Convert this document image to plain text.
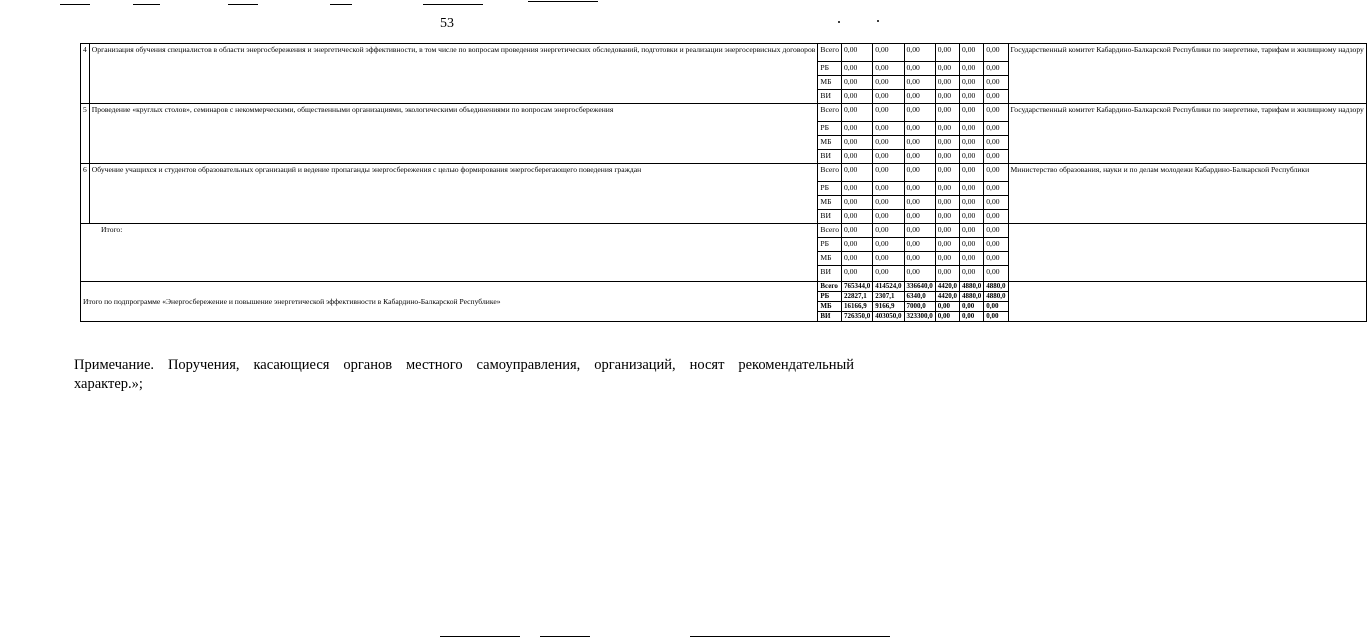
53
4	Организация обучения специалистов в области энергосбережения и энергетической эффективности, в том числе по вопросам проведения энергетических обследований, подготовки и реализации энергосервисных договоров	Всего	0,00	0,00	0,00	0,00	0,00	0,00	Государственный комитет Кабардино-Балкарской Республики по энергетике, тарифам и жилищному надзору
		РБ	0,00	0,00	0,00	0,00	0,00	0,00	
		МБ	0,00	0,00	0,00	0,00	0,00	0,00	
		ВИ	0,00	0,00	0,00	0,00	0,00	0,00	
5	Проведение «круглых столов», семинаров с некоммерческими, общественными организациями, экологическими объединениями по вопросам энергосбережения	Всего	0,00	0,00	0,00	0,00	0,00	0,00	Государственный комитет Кабардино-Балкарской Республики по энергетике, тарифам и жилищному надзору
		РБ	0,00	0,00	0,00	0,00	0,00	0,00	
		МБ	0,00	0,00	0,00	0,00	0,00	0,00	
		ВИ	0,00	0,00	0,00	0,00	0,00	0,00	
6	Обучение учащихся и студентов образовательных организаций и ведение пропаганды энергосбережения с целью формирования энергосберегающего поведения граждан	Всего	0,00	0,00	0,00	0,00	0,00	0,00	Министерство образования, науки и по делам молодежи Кабардино-Балкарской Республики
		РБ	0,00	0,00	0,00	0,00	0,00	0,00	
		МБ	0,00	0,00	0,00	0,00	0,00	0,00	
		ВИ	0,00	0,00	0,00	0,00	0,00	0,00	
Итого:		Всего	0,00	0,00	0,00	0,00	0,00	0,00	
		РБ	0,00	0,00	0,00	0,00	0,00	0,00	
		МБ	0,00	0,00	0,00	0,00	0,00	0,00	
		ВИ	0,00	0,00	0,00	0,00	0,00	0,00	
Итого по подпрограмме «Энергосбережение и повышение энергетической эффективности в Кабардино-Балкарской Республике»		Всего	765344,0	414524,0	336640,0	4420,0	4880,0	4880,0	
		РБ	22827,1	2307,1	6340,0	4420,0	4880,0	4880,0	
		МБ	16166,9	9166,9	7000,0	0,00	0,00	0,00	
		ВИ	726350,0	403050,0	323300,0	0,00	0,00	0,00	
Примечание. Поручения, касающиеся органов местного самоуправления, организаций, носят рекомендательный характер.»;
